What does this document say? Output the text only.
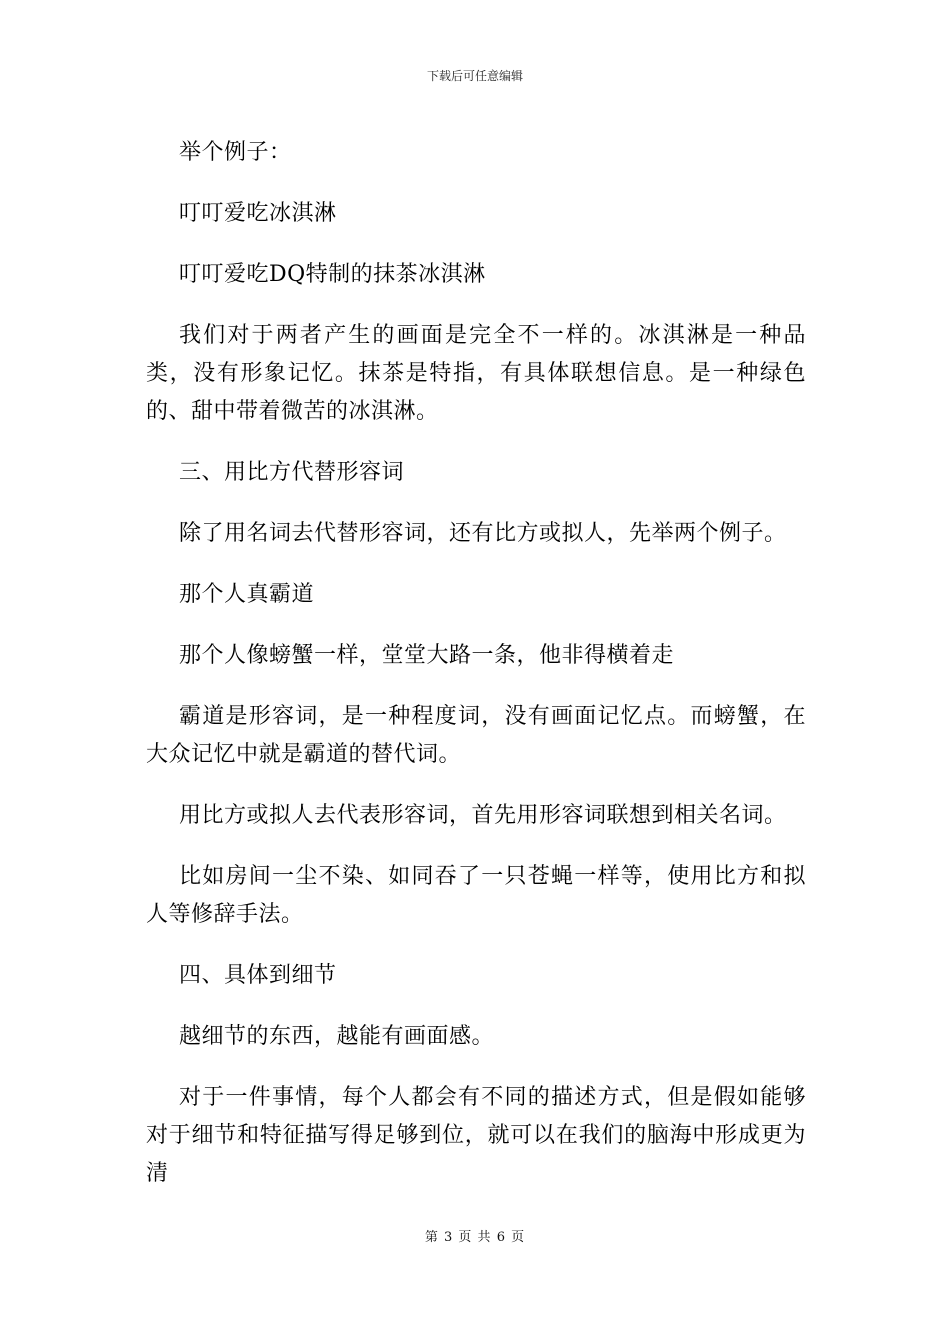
下载后可任意编辑

举个例子：

叮叮爱吃冰淇淋

叮叮爱吃DQ特制的抹茶冰淇淋

我们对于两者产生的画面是完全不一样的。冰淇淋是一种品类，没有形象记忆。抹茶是特指，有具体联想信息。是一种绿色的、甜中带着微苦的冰淇淋。

三、用比方代替形容词

除了用名词去代替形容词，还有比方或拟人，先举两个例子。

那个人真霸道

那个人像螃蟹一样，堂堂大路一条，他非得横着走

霸道是形容词，是一种程度词，没有画面记忆点。而螃蟹，在大众记忆中就是霸道的替代词。

用比方或拟人去代表形容词，首先用形容词联想到相关名词。

比如房间一尘不染、如同吞了一只苍蝇一样等，使用比方和拟人等修辞手法。

四、具体到细节

越细节的东西，越能有画面感。

对于一件事情，每个人都会有不同的描述方式，但是假如能够对于细节和特征描写得足够到位，就可以在我们的脑海中形成更为清

第 3 页 共 6 页
